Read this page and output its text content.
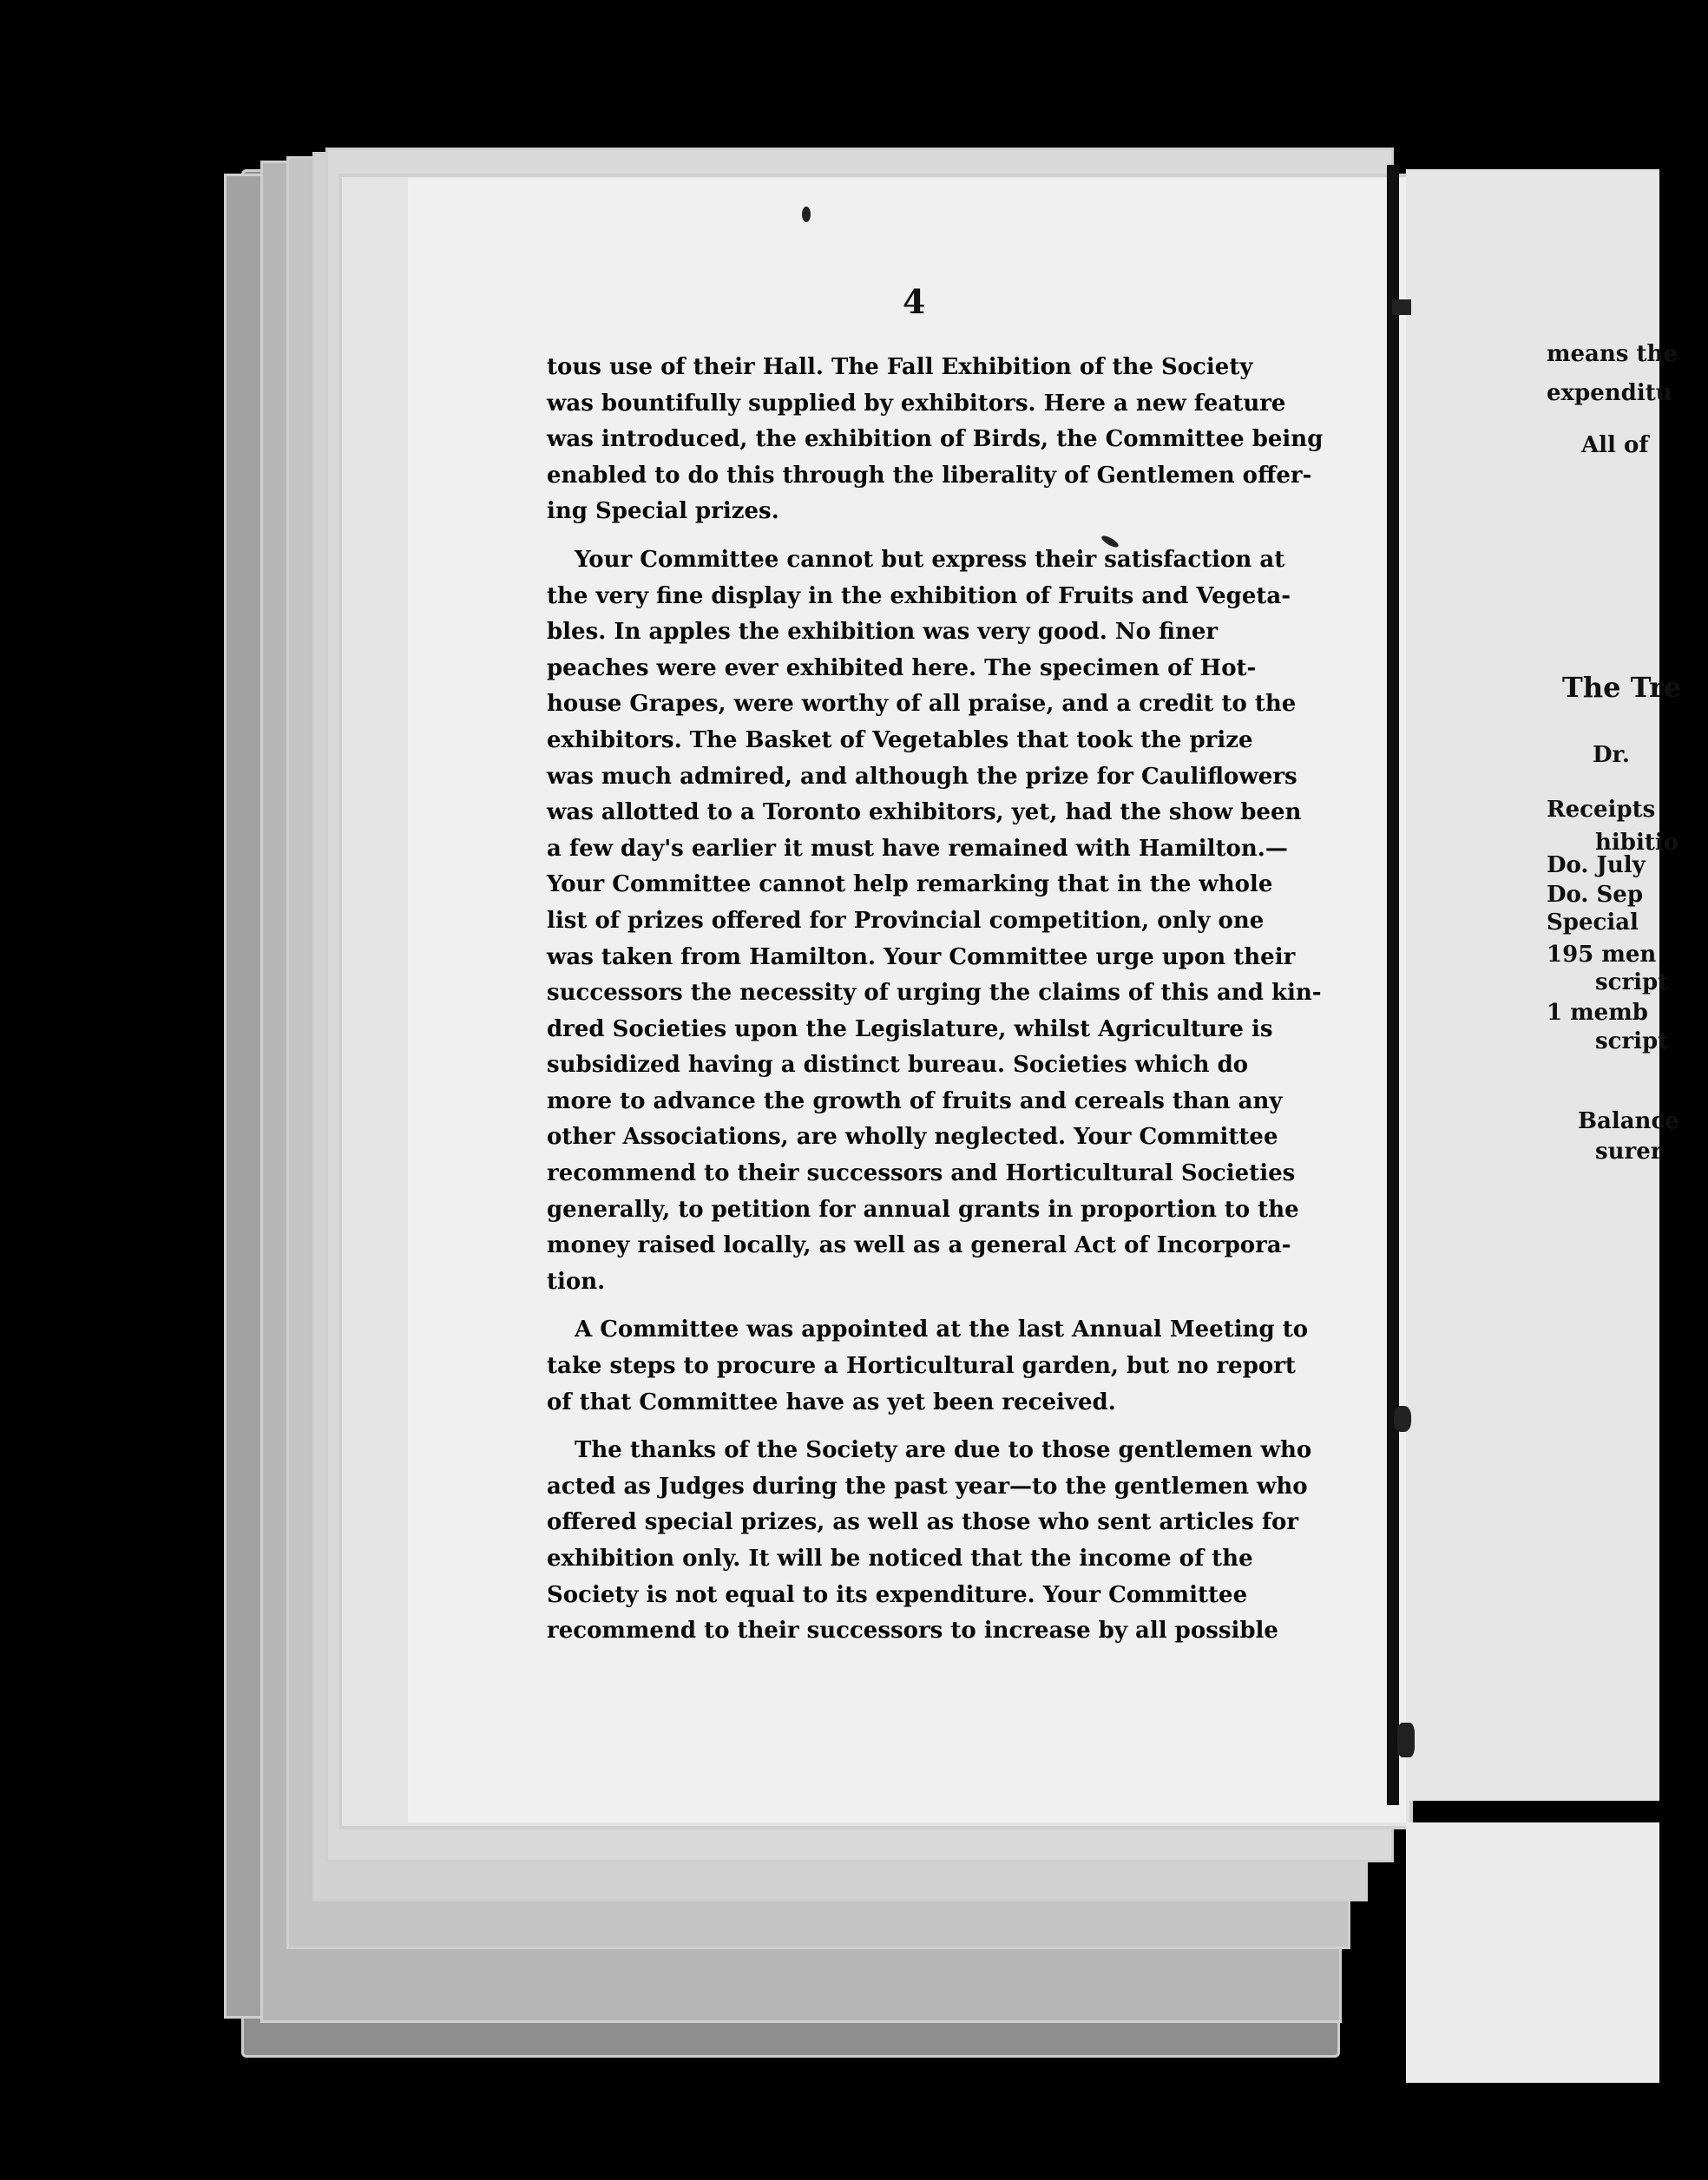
4
tous use of their Hall. The Fall Exhibition of the Society
was bountifully supplied by exhibitors. Here a new feature
was introduced, the exhibition of Birds, the Committee being
enabled to do this through the liberality of Gentlemen offer-
ing Special prizes.
Your Committee cannot but express their satisfaction at
the very fine display in the exhibition of Fruits and Vegeta-
bles. In apples the exhibition was very good. No finer
peaches were ever exhibited here. The specimen of Hot-
house Grapes, were worthy of all praise, and a credit to the
exhibitors. The Basket of Vegetables that took the prize
was much admired, and although the prize for Cauliflowers
was allotted to a Toronto exhibitors, yet, had the show been
a few day's earlier it must have remained with Hamilton.—
Your Committee cannot help remarking that in the whole
list of prizes offered for Provincial competition, only one
was taken from Hamilton. Your Committee urge upon their
successors the necessity of urging the claims of this and kin-
dred Societies upon the Legislature, whilst Agriculture is
subsidized having a distinct bureau. Societies which do
more to advance the growth of fruits and cereals than any
other Associations, are wholly neglected. Your Committee
recommend to their successors and Horticultural Societies
generally, to petition for annual grants in proportion to the
money raised locally, as well as a general Act of Incorpora-
tion.
A Committee was appointed at the last Annual Meeting to
take steps to procure a Horticultural garden, but no report
of that Committee have as yet been received.
The thanks of the Society are due to those gentlemen who
acted as Judges during the past year—to the gentlemen who
offered special prizes, as well as those who sent articles for
exhibition only. It will be noticed that the income of the
Society is not equal to its expenditure. Your Committee
recommend to their successors to increase by all possible
means the
expenditu
All of
The Tre
Dr.
Receipts
hibitio
Do. July
Do. Sep
Special
195 men
script
1 memb
script
Balance
surer
